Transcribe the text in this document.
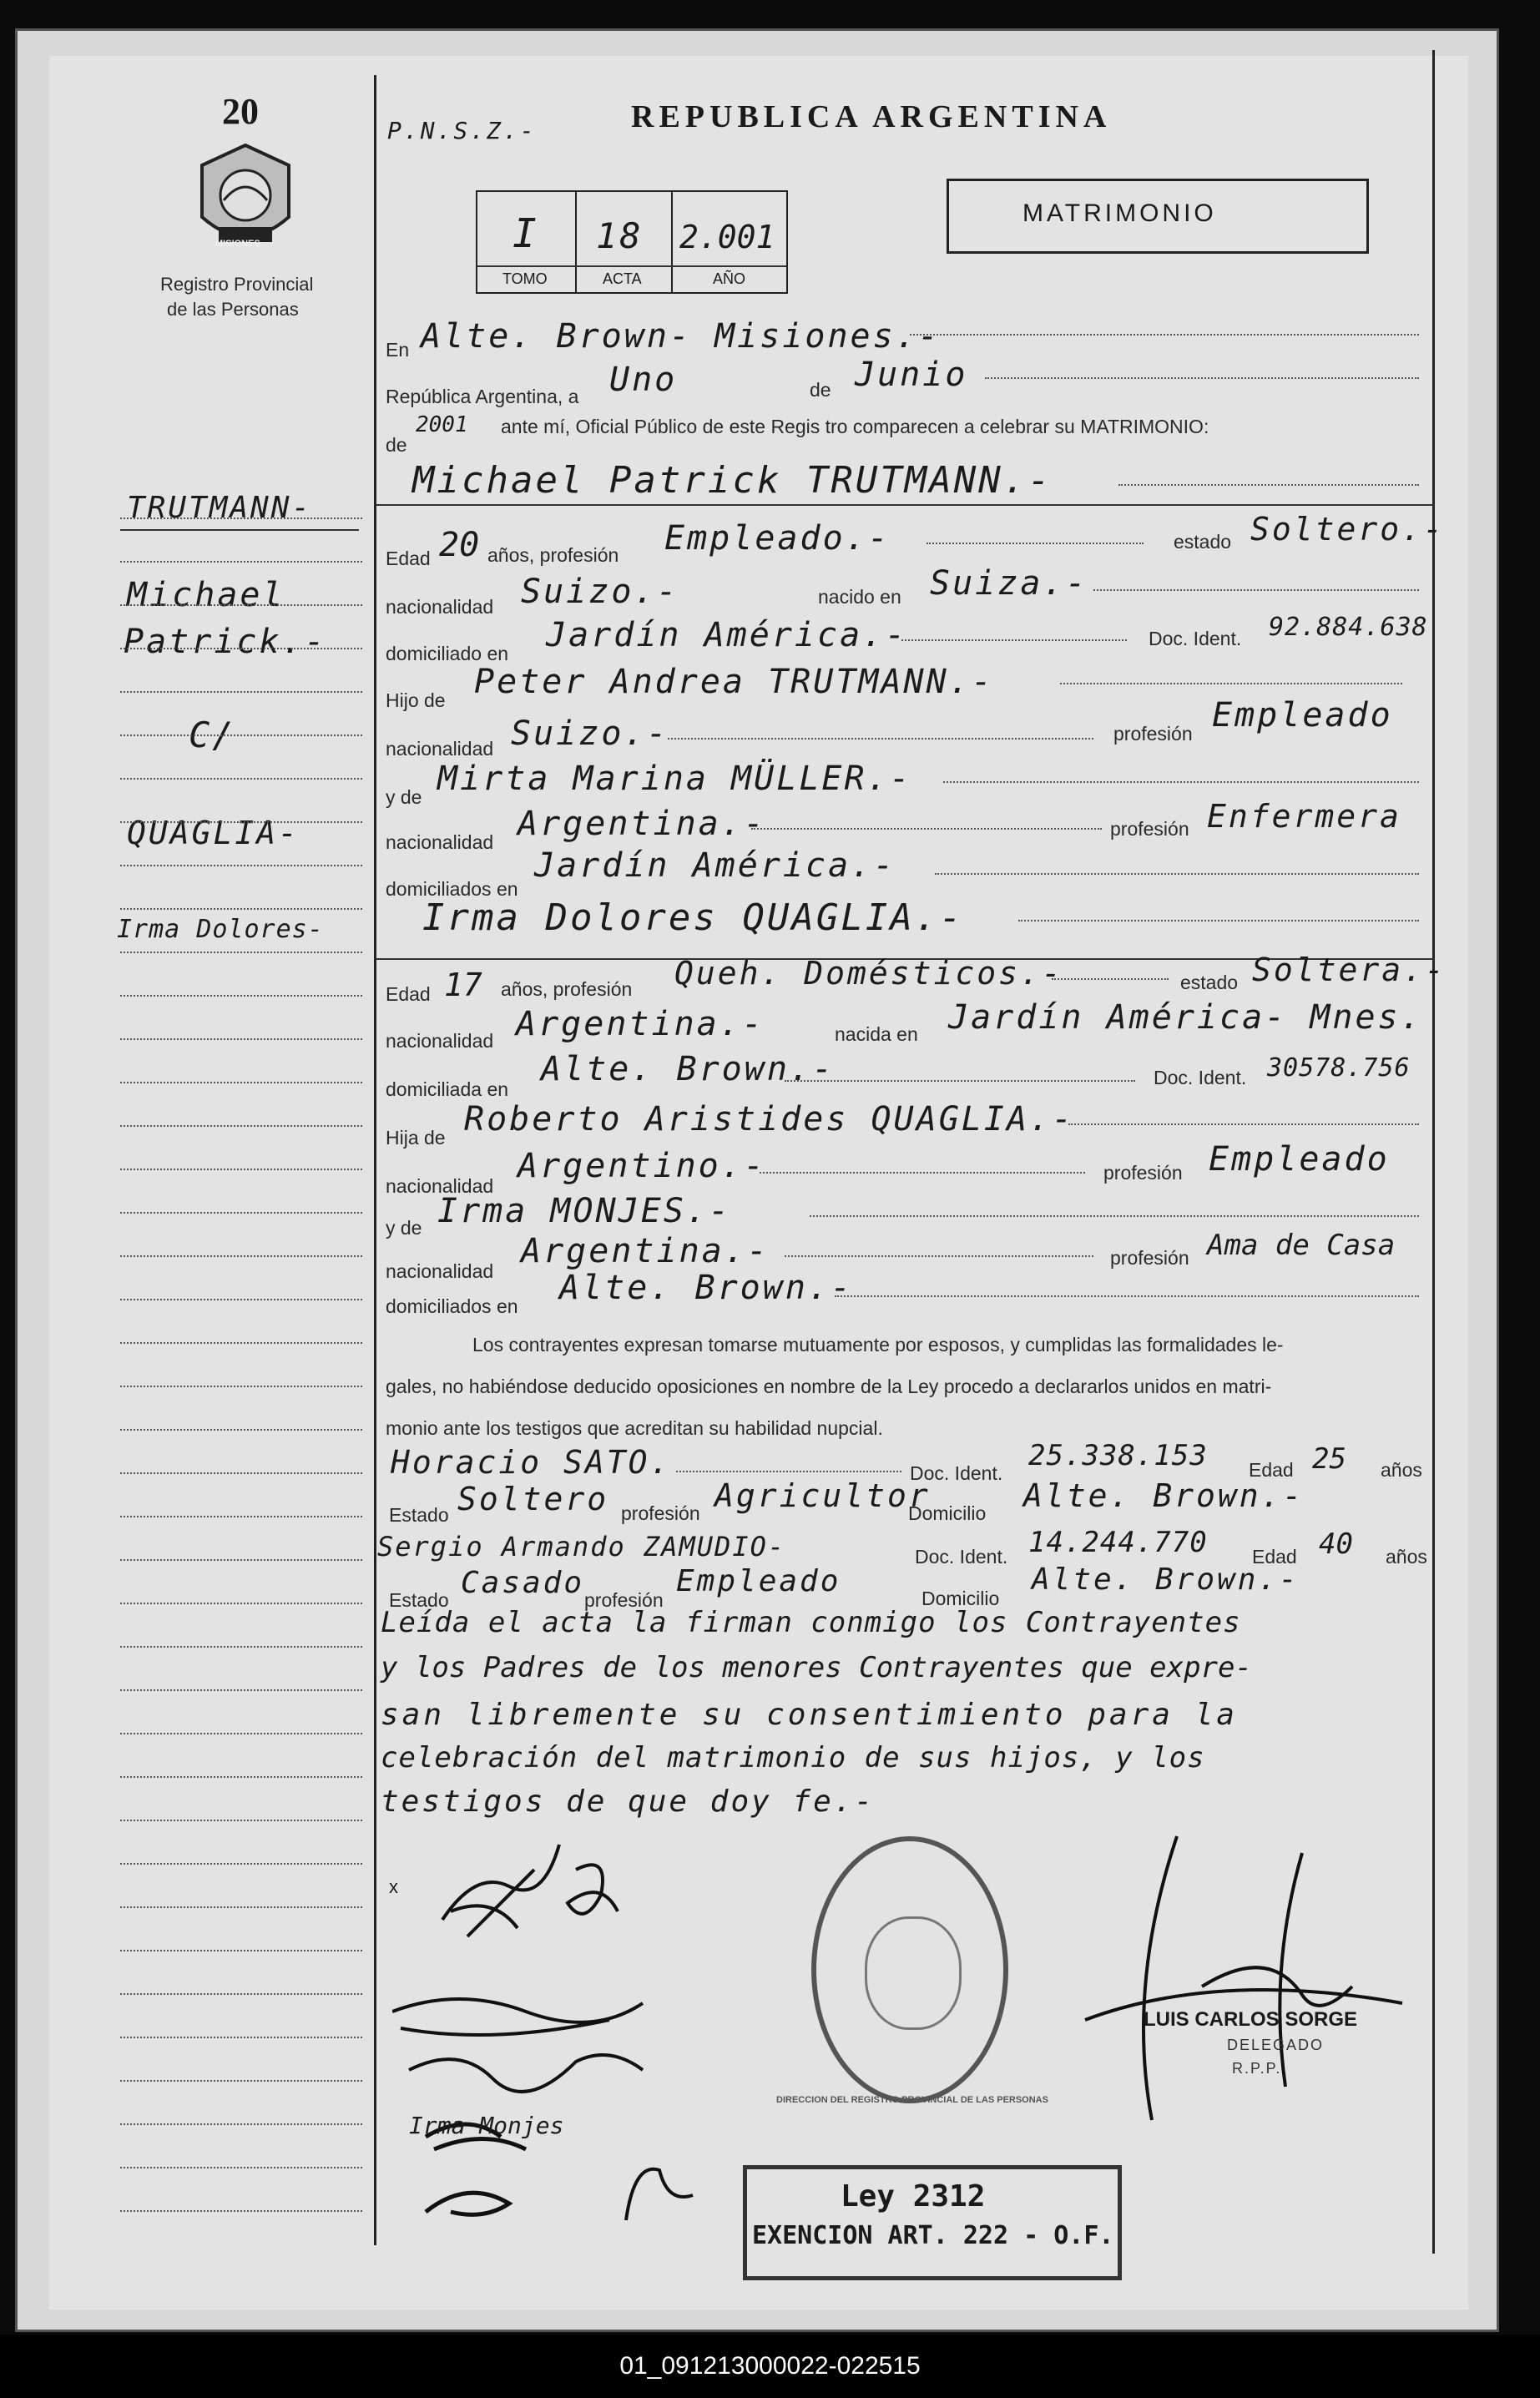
20
MISIONES
Registro Provincial
de las Personas
P.N.S.Z.-	REPUBLICA ARGENTINA
MATRIMONIO
I 18 2.001
TOMO	ACTA	AÑO
En Alte. Brown- Misiones.-
República Argentina, a Uno	de Junio
de
2001 ante mí, Oficial Público de este Regis tro comparecen a celebrar su MATRIMONIO:
TRUTMANN-
Michael
Patrick.-
C/
QUAGLIA-
Irma Dolores-
Michael Patrick TRUTMANN.-
Edad 20 años, profesión Empleado.-	estado Soltero.-
nacionalidad Suizo.-	nacido en Suiza.-
domiciliado en Jardín América.-	Doc. Ident. 92.884.638
Hijo de Peter Andrea TRUTMANN.-
nacionalidad Suizo.-	profesión Empleado
y de Mirta Marina MÜLLER.-
nacionalidad Argentina.-	profesión Enfermera
domiciliados en
Jardín América.-
Irma Dolores QUAGLIA.-
Edad 17 años, profesión Queh. Domésticos.-	estado Soltera.-
nacionalidad Argentina.-	nacida en Jardín América- Mnes.
domiciliada en
Alte. Brown.-	Doc. Ident. 30578.756
Hija de Roberto Aristides QUAGLIA.-
nacionalidad
Argentino.-	profesión Empleado
y de Irma MONJES.-
nacionalidad
Argentina.-	profesión Ama de Casa
domiciliados en Alte. Brown.-
Los contrayentes expresan tomarse mutuamente por esposos, y cumplidas las formalidades le-
gales, no habiéndose deducido oposiciones en nombre de la Ley procedo a declararlos unidos en matri-
monio ante los testigos que acreditan su habilidad nupcial.
Horacio SATO.	Doc. Ident.
25.338.153 Edad 25 años
Estado Soltero profesión Agricultor
Domicilio Alte. Brown.-
Sergio Armando ZAMUDIO-	Doc. Ident. 14.244.770 Edad 40 años
Estado Casado profesión
Empleado	Domicilio
Alte. Brown.-
Leída el acta la firman conmigo los Contrayentes
y los Padres de los menores Contrayentes que expre-
san libremente su consentimiento para la
celebración del matrimonio de sus hijos, y los
testigos de que doy fe.-
x
Irma Monjes
DIRECCION DEL REGISTRO PROVINCIAL DE LAS PERSONAS
LUIS CARLOS SORGE
DELEGADO
R.P.P.
Ley 2312
EXENCION ART. 222 - O.F.
01_091213000022-022515
